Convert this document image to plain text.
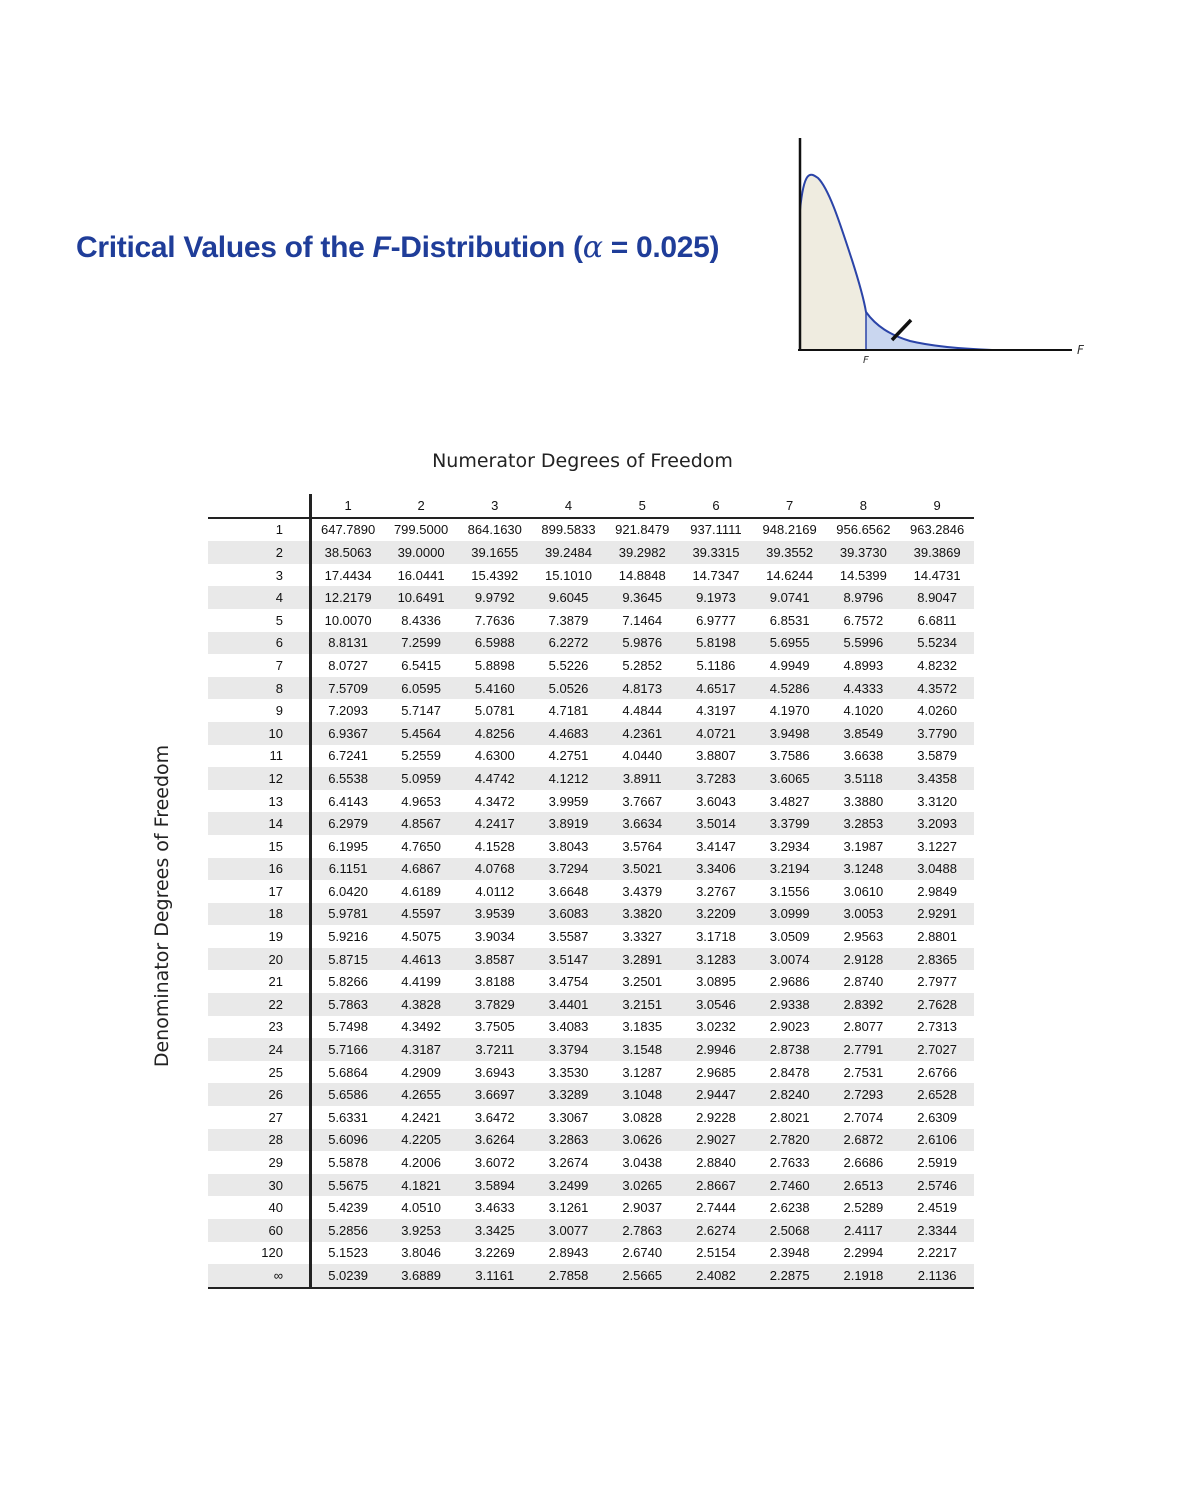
Critical Values of the F-Distribution (α = 0.025)
F
F
Numerator Degrees of Freedom
Denominator Degrees of Freedom
	1	2	3	4	5	6	7	8	9
1	647.7890	799.5000	864.1630	899.5833	921.8479	937.1111	948.2169	956.6562	963.2846
2	38.5063	39.0000	39.1655	39.2484	39.2982	39.3315	39.3552	39.3730	39.3869
3	17.4434	16.0441	15.4392	15.1010	14.8848	14.7347	14.6244	14.5399	14.4731
4	12.2179	10.6491	9.9792	9.6045	9.3645	9.1973	9.0741	8.9796	8.9047
5	10.0070	8.4336	7.7636	7.3879	7.1464	6.9777	6.8531	6.7572	6.6811
6	8.8131	7.2599	6.5988	6.2272	5.9876	5.8198	5.6955	5.5996	5.5234
7	8.0727	6.5415	5.8898	5.5226	5.2852	5.1186	4.9949	4.8993	4.8232
8	7.5709	6.0595	5.4160	5.0526	4.8173	4.6517	4.5286	4.4333	4.3572
9	7.2093	5.7147	5.0781	4.7181	4.4844	4.3197	4.1970	4.1020	4.0260
10	6.9367	5.4564	4.8256	4.4683	4.2361	4.0721	3.9498	3.8549	3.7790
11	6.7241	5.2559	4.6300	4.2751	4.0440	3.8807	3.7586	3.6638	3.5879
12	6.5538	5.0959	4.4742	4.1212	3.8911	3.7283	3.6065	3.5118	3.4358
13	6.4143	4.9653	4.3472	3.9959	3.7667	3.6043	3.4827	3.3880	3.3120
14	6.2979	4.8567	4.2417	3.8919	3.6634	3.5014	3.3799	3.2853	3.2093
15	6.1995	4.7650	4.1528	3.8043	3.5764	3.4147	3.2934	3.1987	3.1227
16	6.1151	4.6867	4.0768	3.7294	3.5021	3.3406	3.2194	3.1248	3.0488
17	6.0420	4.6189	4.0112	3.6648	3.4379	3.2767	3.1556	3.0610	2.9849
18	5.9781	4.5597	3.9539	3.6083	3.3820	3.2209	3.0999	3.0053	2.9291
19	5.9216	4.5075	3.9034	3.5587	3.3327	3.1718	3.0509	2.9563	2.8801
20	5.8715	4.4613	3.8587	3.5147	3.2891	3.1283	3.0074	2.9128	2.8365
21	5.8266	4.4199	3.8188	3.4754	3.2501	3.0895	2.9686	2.8740	2.7977
22	5.7863	4.3828	3.7829	3.4401	3.2151	3.0546	2.9338	2.8392	2.7628
23	5.7498	4.3492	3.7505	3.4083	3.1835	3.0232	2.9023	2.8077	2.7313
24	5.7166	4.3187	3.7211	3.3794	3.1548	2.9946	2.8738	2.7791	2.7027
25	5.6864	4.2909	3.6943	3.3530	3.1287	2.9685	2.8478	2.7531	2.6766
26	5.6586	4.2655	3.6697	3.3289	3.1048	2.9447	2.8240	2.7293	2.6528
27	5.6331	4.2421	3.6472	3.3067	3.0828	2.9228	2.8021	2.7074	2.6309
28	5.6096	4.2205	3.6264	3.2863	3.0626	2.9027	2.7820	2.6872	2.6106
29	5.5878	4.2006	3.6072	3.2674	3.0438	2.8840	2.7633	2.6686	2.5919
30	5.5675	4.1821	3.5894	3.2499	3.0265	2.8667	2.7460	2.6513	2.5746
40	5.4239	4.0510	3.4633	3.1261	2.9037	2.7444	2.6238	2.5289	2.4519
60	5.2856	3.9253	3.3425	3.0077	2.7863	2.6274	2.5068	2.4117	2.3344
120	5.1523	3.8046	3.2269	2.8943	2.6740	2.5154	2.3948	2.2994	2.2217
∞	5.0239	3.6889	3.1161	2.7858	2.5665	2.4082	2.2875	2.1918	2.1136
